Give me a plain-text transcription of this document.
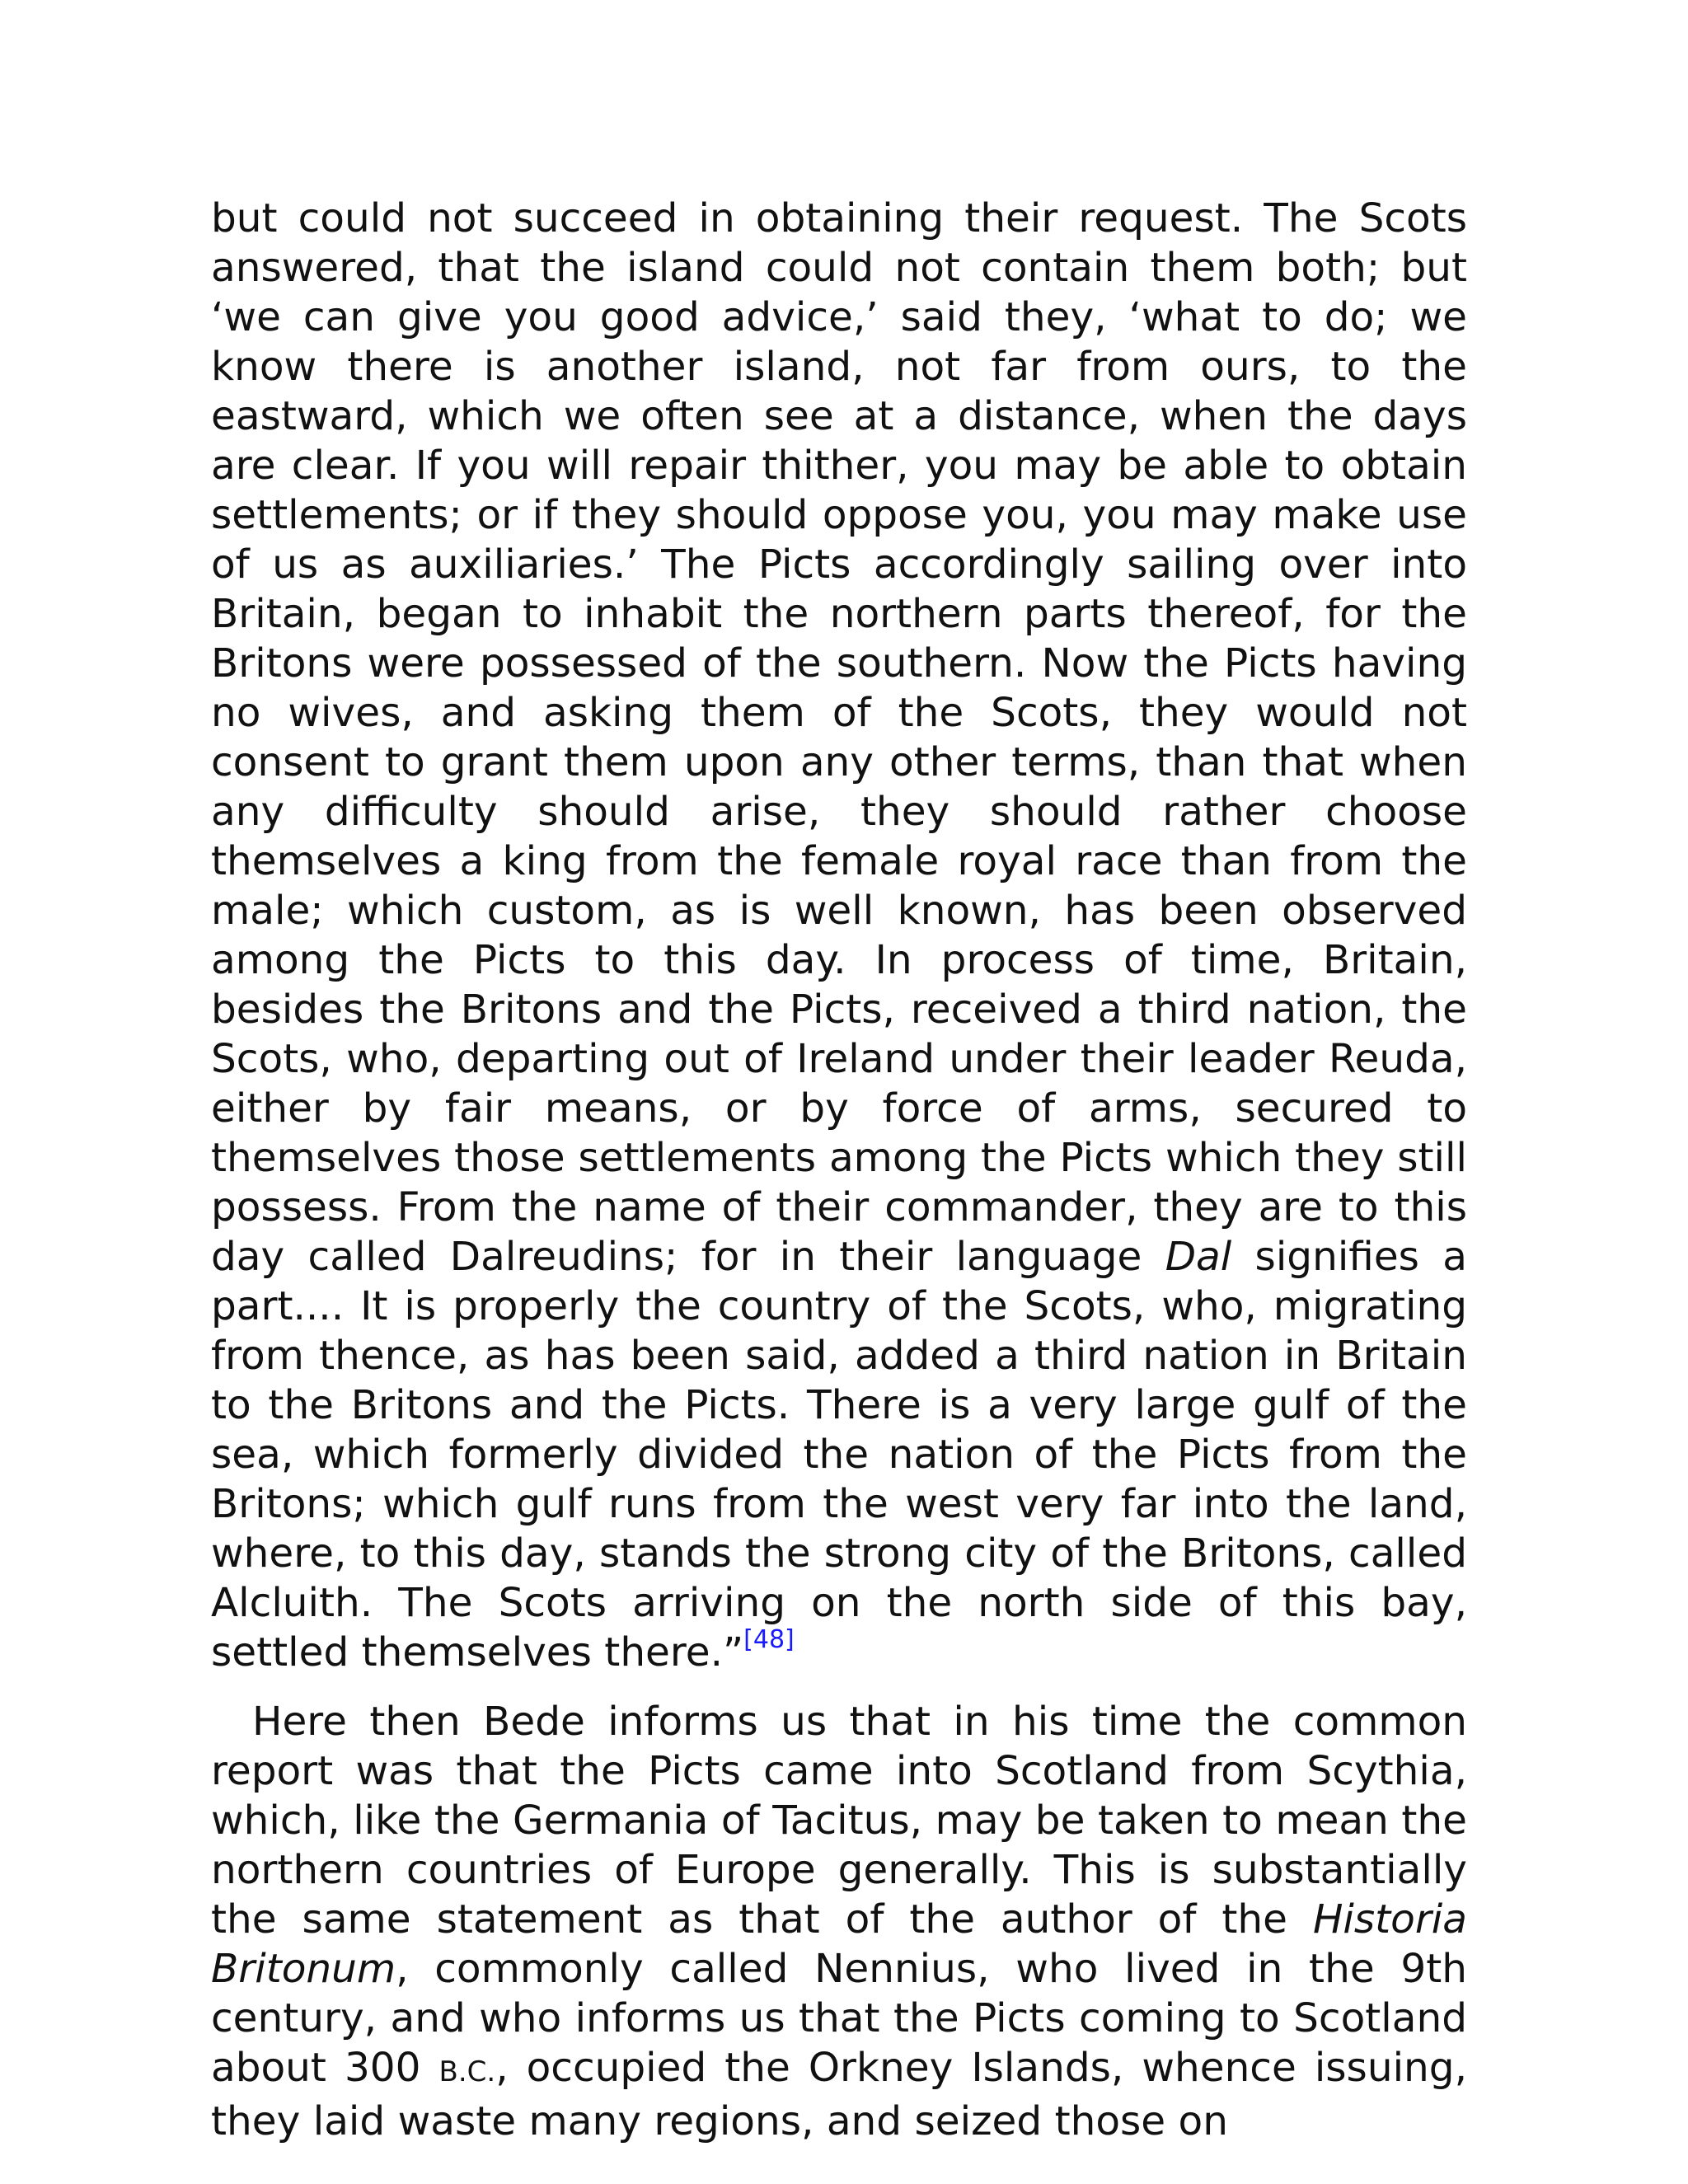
but could not succeed in obtaining their request. The Scots answered, that the island could not contain them both; but ‘we can give you good advice,’ said they, ‘what to do; we know there is another island, not far from ours, to the eastward, which we often see at a distance, when the days are clear. If you will repair thither, you may be able to obtain settlements; or if they should oppose you, you may make use of us as auxiliaries.’ The Picts accordingly sailing over into Britain, began to inhabit the northern parts thereof, for the Britons were possessed of the southern. Now the Picts having no wives, and asking them of the Scots, they would not consent to grant them upon any other terms, than that when any difficulty should arise, they should rather choose themselves a king from the female royal race than from the male; which custom, as is well known, has been observed among the Picts to this day. In process of time, Britain, besides the Britons and the Picts, received a third nation, the Scots, who, departing out of Ireland under their leader Reuda, either by fair means, or by force of arms, secured to themselves those settlements among the Picts which they still possess. From the name of their commander, they are to this day called Dalreudins; for in their language Dal signifies a part.... It is properly the country of the Scots, who, migrating from thence, as has been said, added a third nation in Britain to the Britons and the Picts. There is a very large gulf of the sea, which formerly divided the nation of the Picts from the Britons; which gulf runs from the west very far into the land, where, to this day, stands the strong city of the Britons, called Alcluith. The Scots arriving on the north side of this bay, settled themselves there.”[48]

Here then Bede informs us that in his time the common report was that the Picts came into Scotland from Scythia, which, like the Germania of Tacitus, may be taken to mean the northern countries of Europe generally. This is substantially the same statement as that of the author of the Historia Britonum, commonly called Nennius, who lived in the 9th century, and who informs us that the Picts coming to Scotland about 300 B.C., occupied the Orkney Islands, whence issuing, they laid waste many regions, and seized those on
